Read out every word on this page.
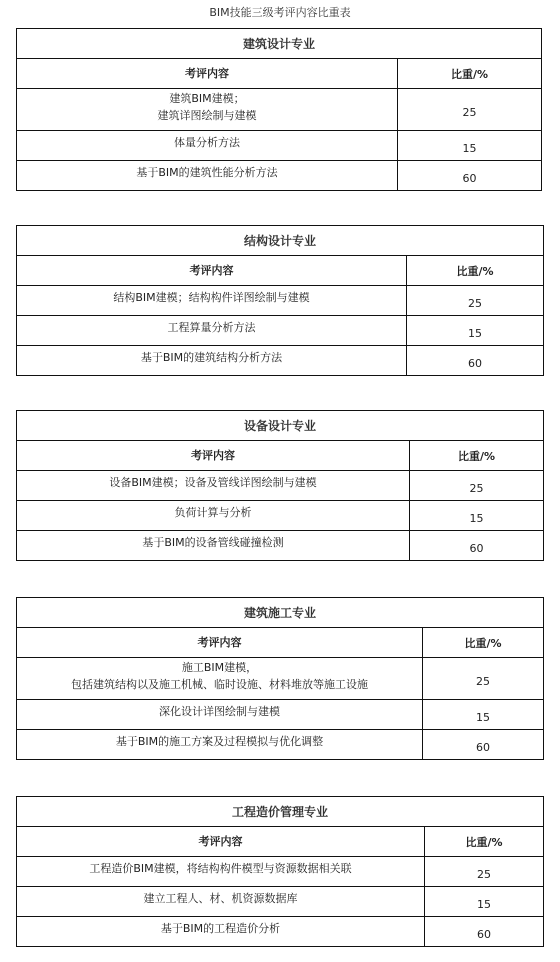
BIM技能三级考评内容比重表
建筑设计专业
考评内容	比重/%
建筑BIM建模；
建筑详图绘制与建模	25
体量分析方法	15
基于BIM的建筑性能分析方法	60
结构设计专业
考评内容	比重/%
结构BIM建模；结构构件详图绘制与建模	25
工程算量分析方法	15
基于BIM的建筑结构分析方法	60
设备设计专业
考评内容	比重/%
设备BIM建模；设备及管线详图绘制与建模	25
负荷计算与分析	15
基于BIM的设备管线碰撞检测	60
建筑施工专业
考评内容	比重/%
施工BIM建模，
包括建筑结构以及施工机械、临时设施、材料堆放等施工设施	25
深化设计详图绘制与建模	15
基于BIM的施工方案及过程模拟与优化调整	60
工程造价管理专业
考评内容	比重/%
工程造价BIM建模，将结构构件模型与资源数据相关联	25
建立工程人、材、机资源数据库	15
基于BIM的工程造价分析	60
